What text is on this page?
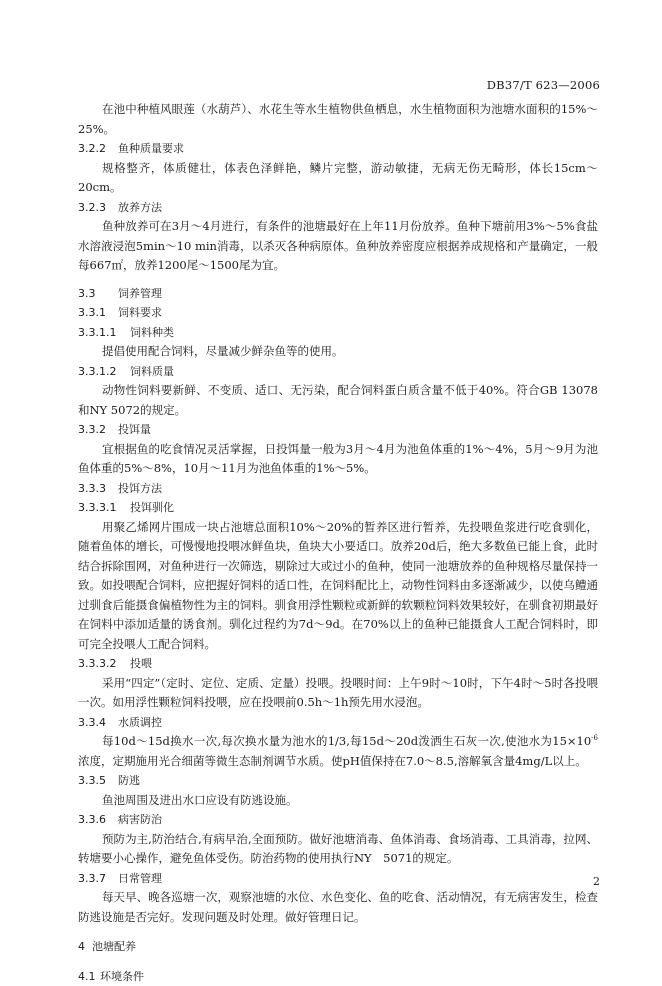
DB37/T 623—2006

在池中种植风眼莲（水葫芦）、水花生等水生植物供鱼栖息，水生植物面积为池塘水面积的15%～25%。

3.2.2 鱼种质量要求

规格整齐，体质健壮，体表色泽鲜艳，鳞片完整，游动敏捷，无病无伤无畸形，体长15cm～20cm。

3.2.3 放养方法

鱼种放养可在3月～4月进行，有条件的池塘最好在上年11月份放养。鱼种下塘前用3%～5%食盐水溶液浸泡5min～10 min消毒，以杀灭各种病原体。鱼种放养密度应根据养成规格和产量确定，一般每667㎡，放养1200尾～1500尾为宜。

3.3 饲养管理

3.3.1 饲料要求

3.3.1.1 饲料种类

提倡使用配合饲料，尽量减少鲜杂鱼等的使用。

3.3.1.2 饲料质量

动物性饲料要新鲜、不变质、适口、无污染，配合饲料蛋白质含量不低于40%。符合GB 13078　和NY 5072的规定。

3.3.2 投饵量

宜根据鱼的吃食情况灵活掌握，日投饵量一般为3月～4月为池鱼体重的1%～4%，5月～9月为池鱼体重的5%～8%，10月～11月为池鱼体重的1%～5%。

3.3.3 投饵方法

3.3.3.1 投饵驯化

用聚乙烯网片围成一块占池塘总面积10%～20%的暂养区进行暂养，先投喂鱼浆进行吃食驯化，随着鱼体的增长，可慢慢地投喂冰鲜鱼块，鱼块大小要适口。放养20d后，绝大多数鱼已能上食，此时结合拆除围网，对鱼种进行一次筛选，剔除过大或过小的鱼种，使同一池塘放养的鱼种规格尽量保持一致。如投喂配合饲料，应把握好饲料的适口性，在饲料配比上，动物性饲料由多逐渐减少，以使乌鳢通过驯食后能摄食偏植物性为主的饲料。驯食用浮性颗粒或新鲜的软颗粒饲料效果较好，在驯食初期最好在饲料中添加适量的诱食剂。驯化过程约为7d～9d。在70%以上的鱼种已能摄食人工配合饲料时，即可完全投喂人工配合饲料。

3.3.3.2 投喂

采用“四定”（定时、定位、定质、定量）投喂。投喂时间：上午9时～10时，下午4时～5时各投喂一次。如用浮性颗粒饲料投喂，应在投喂前0.5h～1h预先用水浸泡。

3.3.4 水质调控

每10d～15d换水一次,每次换水量为池水的1/3,每15d～20d泼洒生石灰一次,使池水为$15\times 10^{-6}$浓度，定期施用光合细菌等微生态制剂调节水质。使pH值保持在7.0～8.5,溶解氧含量4mg/L以上。

3.3.5 防逃

鱼池周围及进出水口应设有防逃设施。

3.3.6 病害防治

预防为主,防治结合,有病早治,全面预防。做好池塘消毒、鱼体消毒、食场消毒、工具消毒，拉网、转塘要小心操作，避免鱼体受伤。防治药物的使用执行NY　5071的规定。

3.3.7 日常管理

每天早、晚各巡塘一次，观察池塘的水位、水色变化、鱼的吃食、活动情况，有无病害发生，检查防逃设施是否完好。发现问题及时处理。做好管理日记。

4 池塘配养

4.1 环境条件

2
